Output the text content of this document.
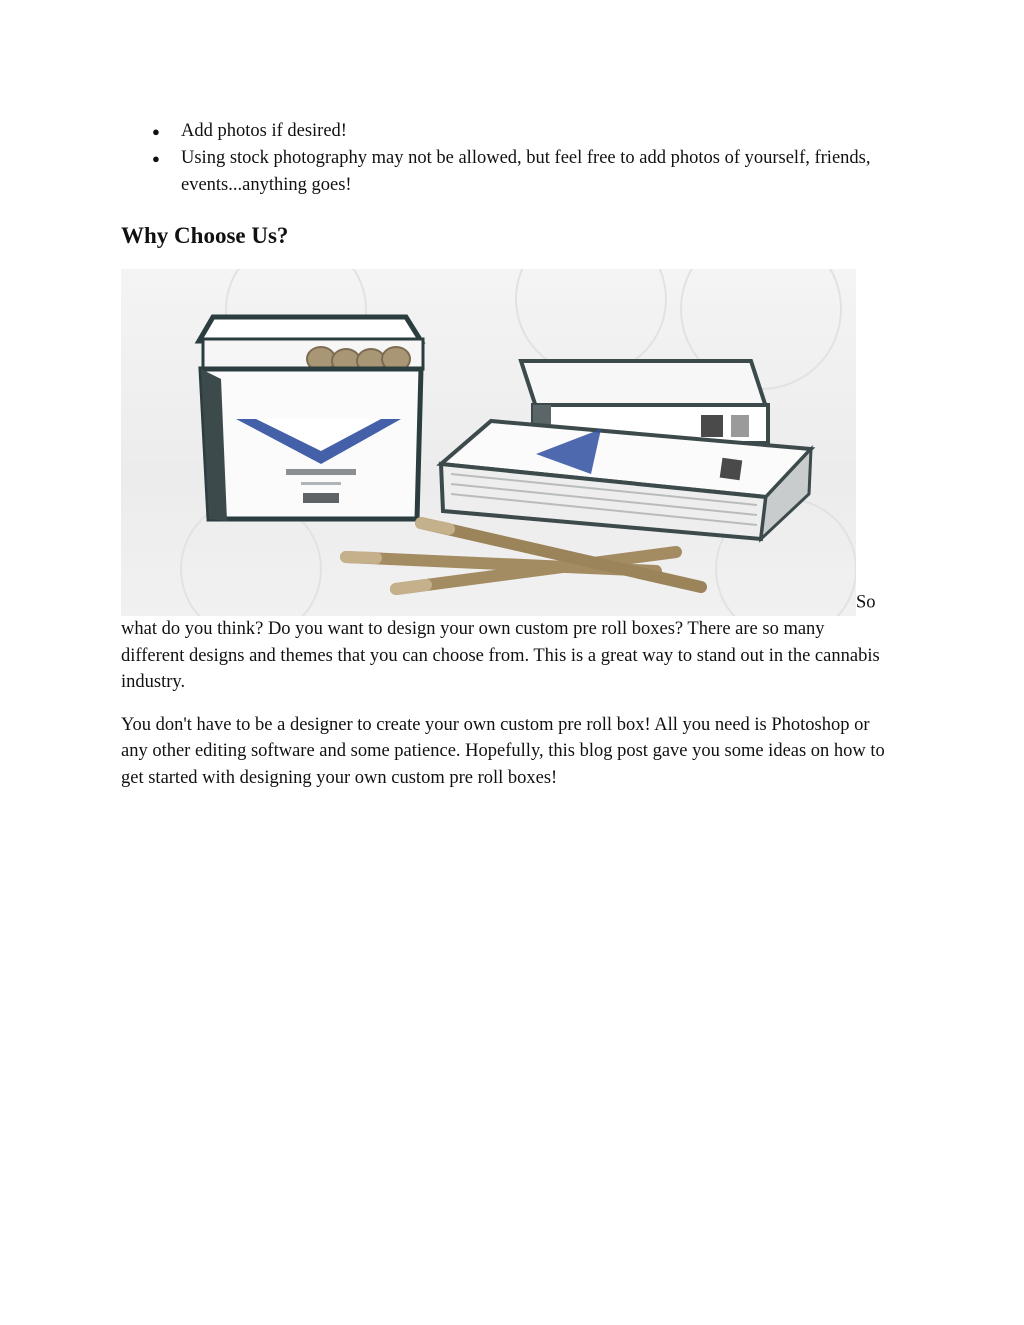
● Add photos if desired!
● Using stock photography may not be allowed, but feel free to add photos of yourself, friends, events...anything goes!
Why Choose Us?
So what do you think? Do you want to design your own custom pre roll boxes? There are so many different designs and themes that you can choose from. This is a great way to stand out in the cannabis industry.

You don't have to be a designer to create your own custom pre roll box! All you need is Photoshop or any other editing software and some patience. Hopefully, this blog post gave you some ideas on how to get started with designing your own custom pre roll boxes!
